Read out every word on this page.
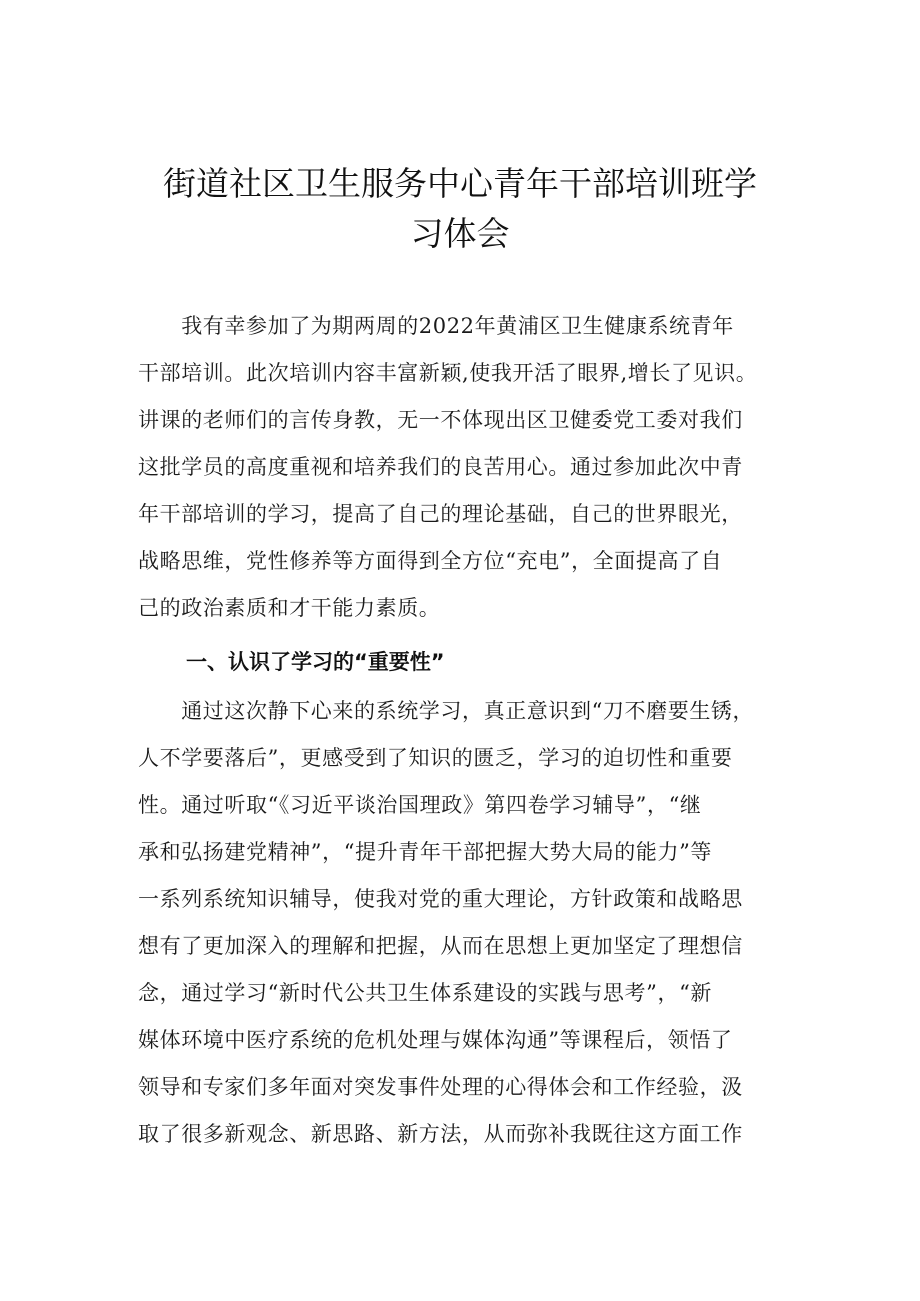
街道社区卫生服务中心青年干部培训班学
习体会

　　我有幸参加了为期两周的2022年黄浦区卫生健康系统青年

干部培训。此次培训内容丰富新颖,使我开活了眼界,增长了见识。

讲课的老师们的言传身教，无一不体现出区卫健委党工委对我们

这批学员的高度重视和培养我们的良苦用心。通过参加此次中青

年干部培训的学习，提高了自己的理论基础，自己的世界眼光，

战略思维，党性修养等方面得到全方位“充电”，全面提高了自

己的政治素质和才干能力素质。

一、认识了学习的“重要性”

　　通过这次静下心来的系统学习，真正意识到“刀不磨要生锈，

人不学要落后”，更感受到了知识的匮乏，学习的迫切性和重要

性。通过听取“《习近平谈治国理政》第四卷学习辅导”，“继

承和弘扬建党精神”，“提升青年干部把握大势大局的能力”等

一系列系统知识辅导，使我对党的重大理论，方针政策和战略思

想有了更加深入的理解和把握，从而在思想上更加坚定了理想信

念，通过学习“新时代公共卫生体系建设的实践与思考”，“新

媒体环境中医疗系统的危机处理与媒体沟通”等课程后，领悟了

领导和专家们多年面对突发事件处理的心得体会和工作经验，汲

取了很多新观念、新思路、新方法，从而弥补我既往这方面工作
